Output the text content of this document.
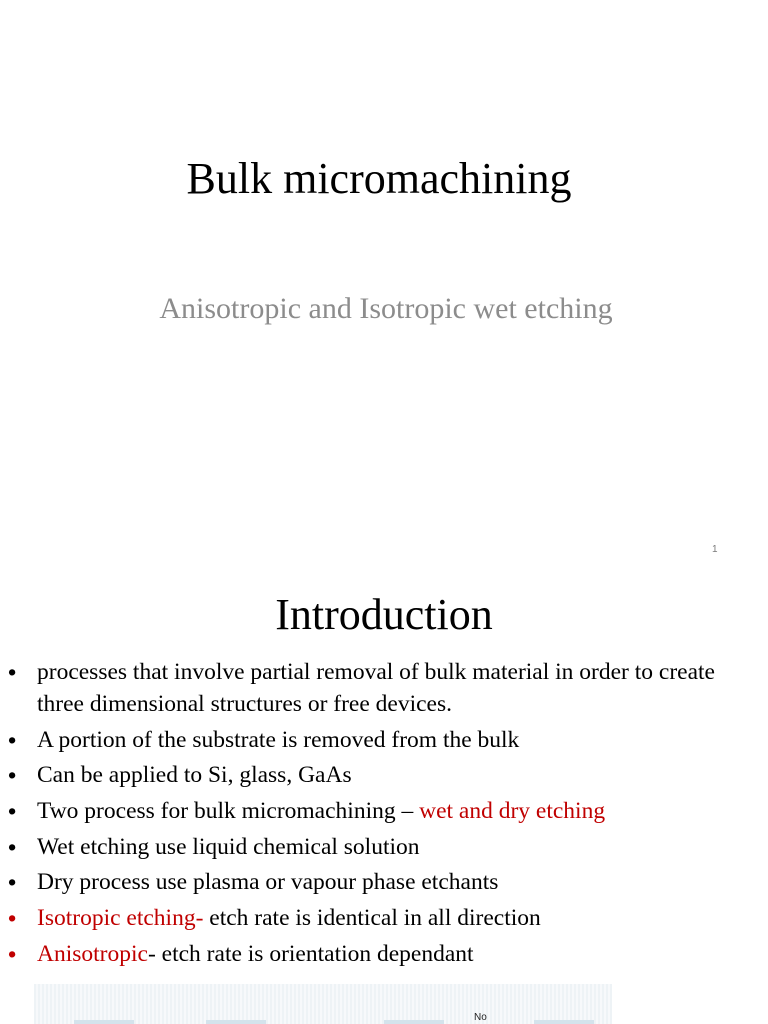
Bulk micromachining
Anisotropic and Isotropic wet etching
1
Introduction
• processes that involve partial removal of bulk material in order to create three dimensional structures or free devices.
• A portion of the substrate is removed from the bulk
• Can be applied to Si, glass, GaAs
• Two process for bulk micromachining – wet and dry etching
• Wet etching use liquid chemical solution
• Dry process use plasma or vapour phase etchants
• Isotropic etching- etch rate is identical in all direction
• Anisotropic- etch rate is orientation dependant
No
